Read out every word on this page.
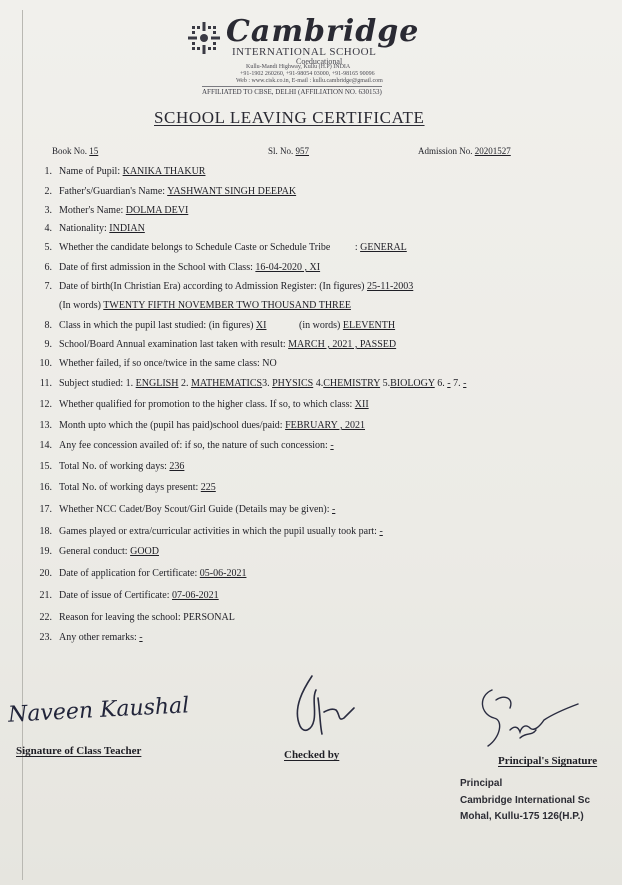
Cambridge
INTERNATIONAL SCHOOL
Coeducational
Kullu-Mandi Highway, Kullu (H.P) INDIA
+91-1902 260260, +91-98054 03000, +91-98165 90096
Web : www.cisk.co.in, E-mail : kullu.cambridge@gmail.com
AFFILIATED TO CBSE, DELHI (AFFILIATION NO. 630153)
SCHOOL LEAVING CERTIFICATE
Book No. 15	Sl. No. 957	Admission No. 20201527
1. Name of Pupil: KANIKA THAKUR
2. Father's/Guardian's Name: YASHWANT SINGH DEEPAK
3. Mother's Name: DOLMA DEVI
4. Nationality: INDIAN
5. Whether the candidate belongs to Schedule Caste or Schedule Tribe : GENERAL
6. Date of first admission in the School with Class: 16-04-2020 , XI
7. Date of birth(In Christian Era) according to Admission Register: (In figures) 25-11-2003
(In words) TWENTY FIFTH NOVEMBER TWO THOUSAND THREE
8. Class in which the pupil last studied: (in figures) XI	(in words) ELEVENTH
9. School/Board Annual examination last taken with result: MARCH , 2021 , PASSED
10. Whether failed, if so once/twice in the same class: NO
11. Subject studied: 1. ENGLISH 2. MATHEMATICS3. PHYSICS 4.CHEMISTRY 5.BIOLOGY 6. - 7. -
12. Whether qualified for promotion to the higher class. If so, to which class: XII
13. Month upto which the (pupil has paid)school dues/paid: FEBRUARY , 2021
14. Any fee concession availed of: if so, the nature of such concession: -
15. Total No. of working days: 236
16. Total No. of working days present: 225
17. Whether NCC Cadet/Boy Scout/Girl Guide (Details may be given): -
18. Games played or extra/curricular activities in which the pupil usually took part: -
19. General conduct: GOOD
20. Date of application for Certificate: 05-06-2021
21. Date of issue of Certificate: 07-06-2021
22. Reason for leaving the school: PERSONAL
23. Any other remarks: -
Naveen Kaushal
Signature of Class Teacher	Checked by	Principal's Signature
Principal
Cambridge International Sc
Mohal, Kullu-175 126(H.P.)
